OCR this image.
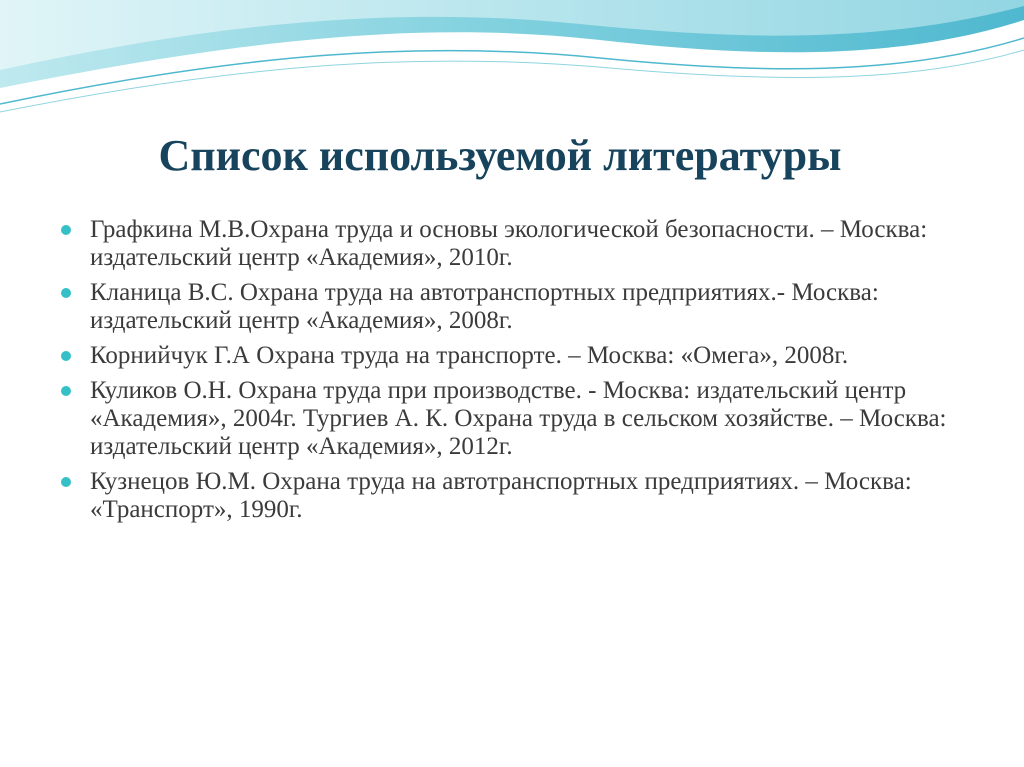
Список используемой литературы
Графкина М.В.Охрана труда и основы экологической безопасности. – Москва: издательский центр «Академия», 2010г.
Кланица В.С. Охрана труда на автотранспортных предприятиях.- Москва: издательский центр «Академия», 2008г.
Корнийчук Г.А Охрана труда на транспорте. – Москва: «Омега», 2008г.
Куликов О.Н. Охрана труда при производстве. - Москва: издательский центр «Академия», 2004г. Тургиев А. К. Охрана труда в сельском хозяйстве. – Москва: издательский центр «Академия», 2012г.
Кузнецов Ю.М. Охрана труда на автотранспортных предприятиях. – Москва: «Транспорт», 1990г.
